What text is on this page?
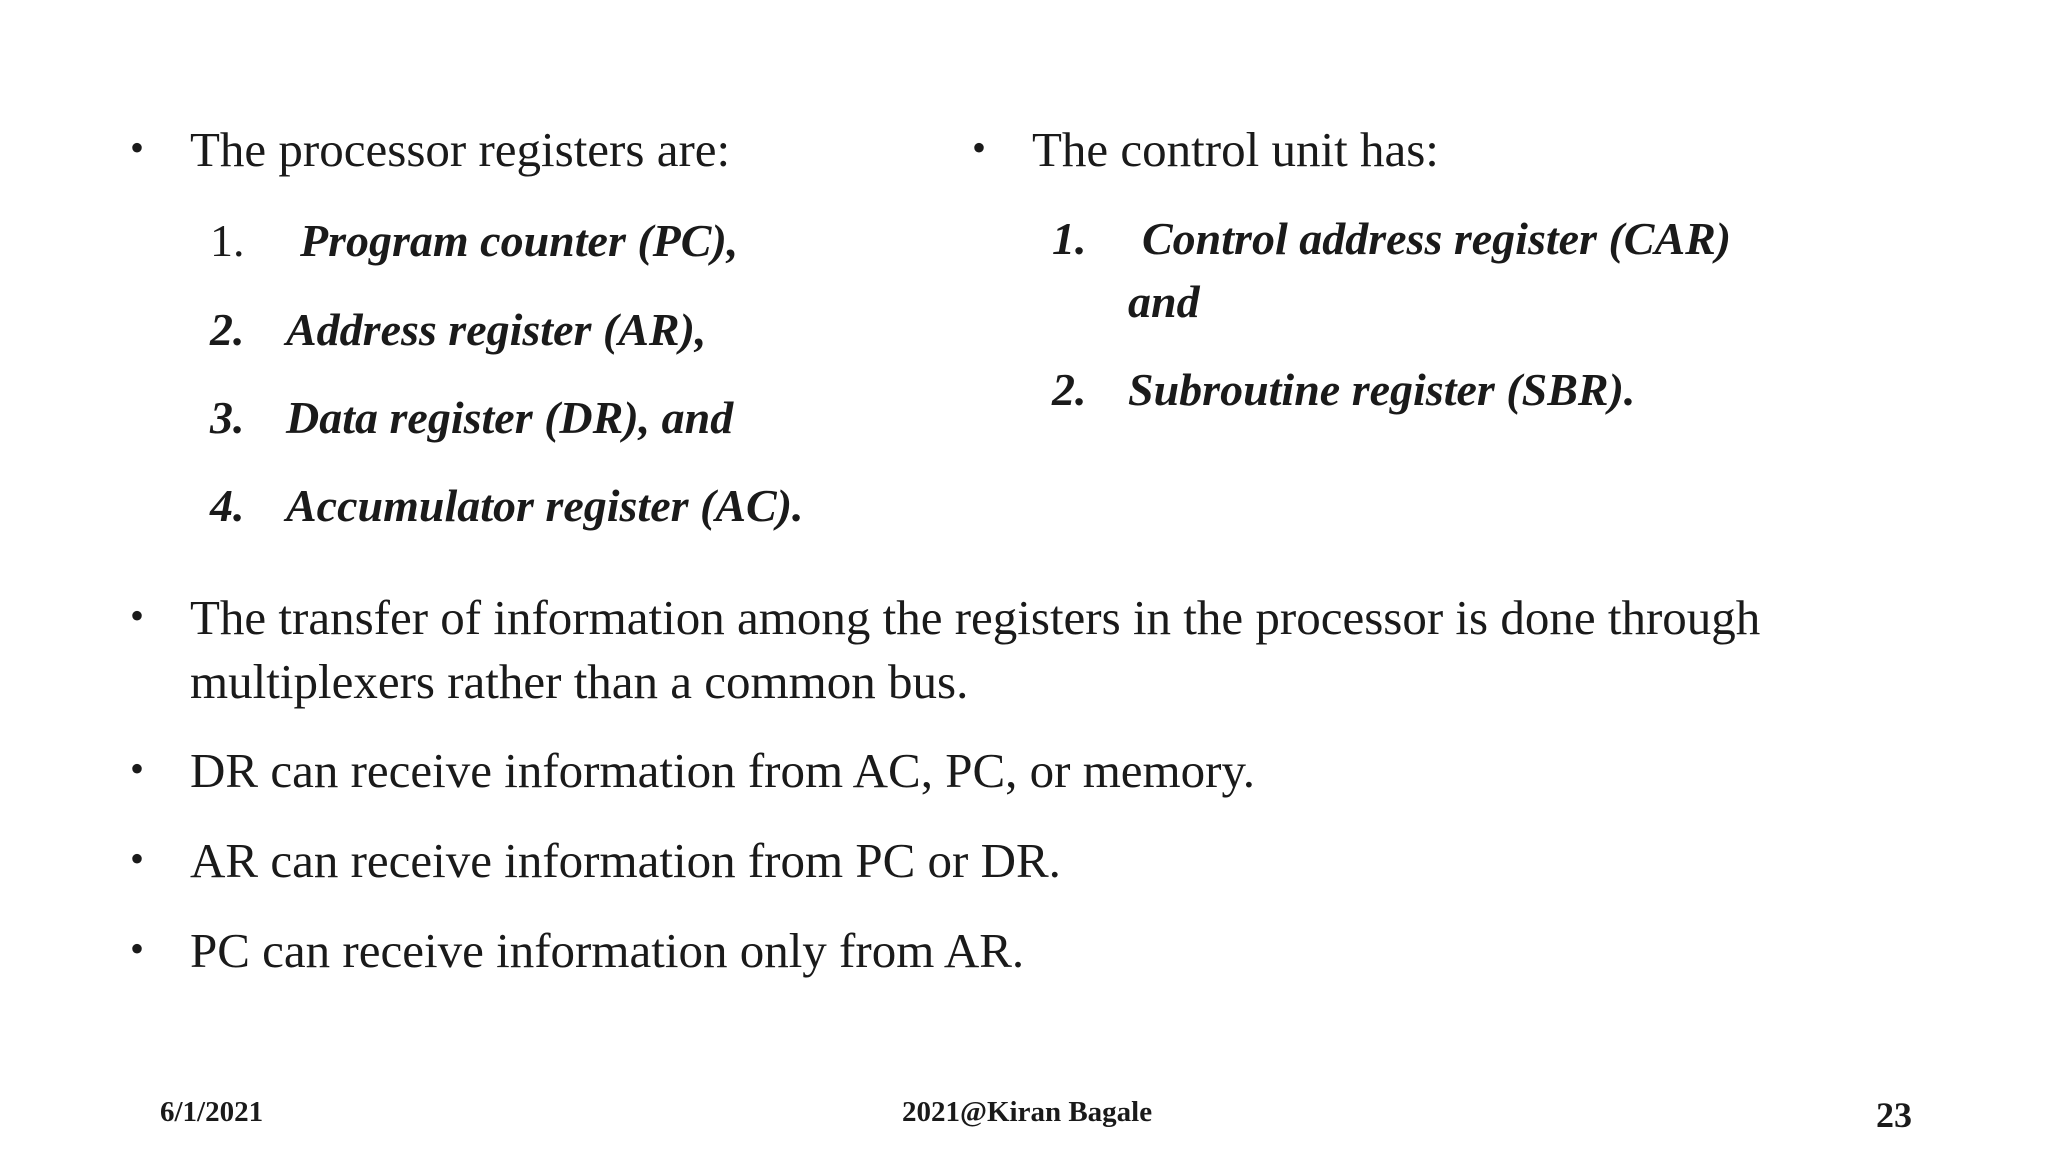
• The processor registers are:
1. Program counter (PC),
2. Address register (AR),
3. Data register (DR), and
4. Accumulator register (AC).
• The control unit has:
1. Control address register (CAR)
and
2. Subroutine register (SBR).
• The transfer of information among the registers in the processor is done through
multiplexers rather than a common bus.
• DR can receive information from AC, PC, or memory.
• AR can receive information from PC or DR.
• PC can receive information only from AR.
6/1/2021	2021@Kiran Bagale	23
